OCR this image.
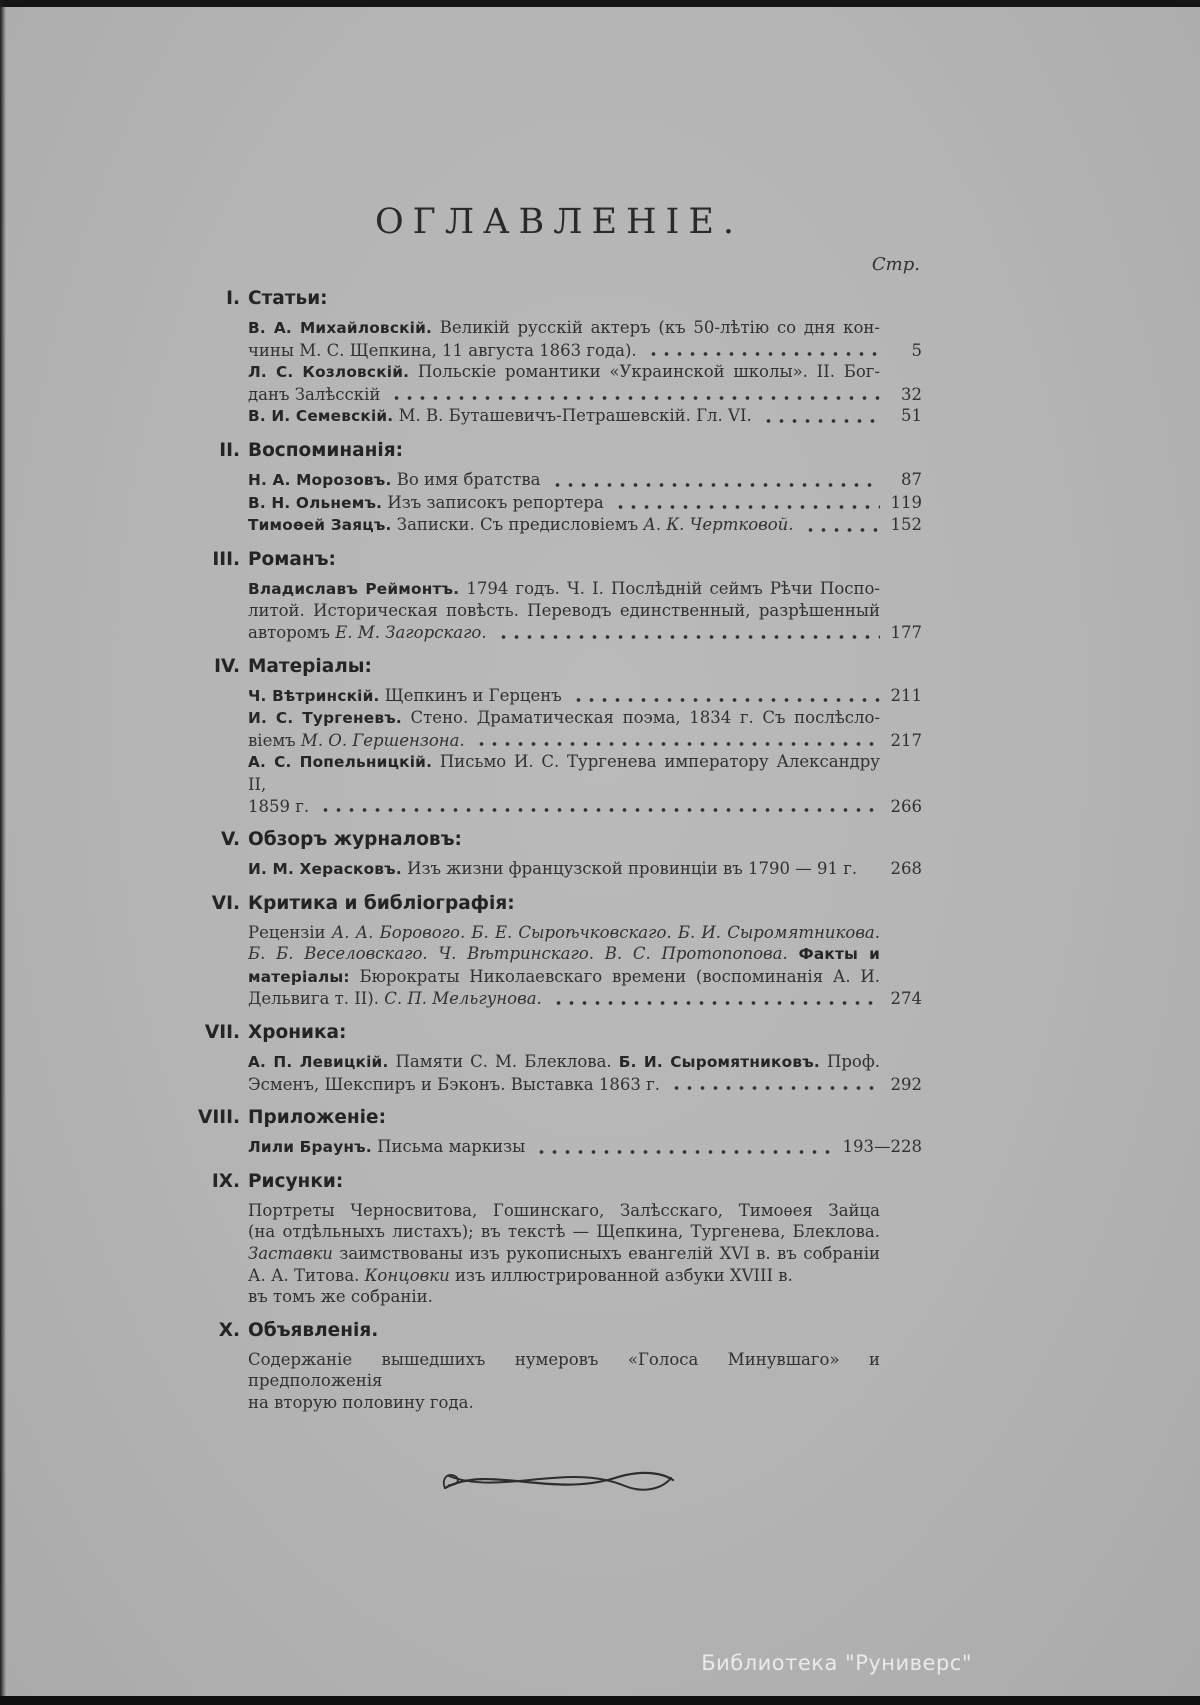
ОГЛАВЛЕНІЕ.
Стр.
I. Статьи:
В. А. Михайловскій. Великій русскій актеръ (къ 50-лѣтію со дня кон-
чины М. С. Щепкина, 11 августа 1863 года).	5
Л. С. Козловскій. Польскіе романтики «Украинской школы». II. Бог-
данъ Залѣсскій	32
В. И. Семевскій. М. В. Буташевичъ-Петрашевскій. Гл. VI.	51
II. Воспоминанія:
Н. А. Морозовъ. Во имя братства	87
В. Н. Ольнемъ. Изъ записокъ репортера	119
Тимоѳей Заяцъ. Записки. Съ предисловіемъ А. К. Чертковой.	152
III. Романъ:
Владиславъ Реймонтъ. 1794 годъ. Ч. I. Послѣдній сеймъ Рѣчи Поспо-
литой. Историческая повѣсть. Переводъ единственный, разрѣшенный
авторомъ Е. М. Загорскаго.	177
IV. Матеріалы:
Ч. Вѣтринскій. Щепкинъ и Герценъ	211
И. С. Тургеневъ. Стено. Драматическая поэма, 1834 г. Съ послѣсло-
віемъ М. О. Гершензона.	217
А. С. Попельницкій. Письмо И. С. Тургенева императору Александру II,
1859 г.	266
V. Обзоръ журналовъ:
И. М. Херасковъ. Изъ жизни французской провинціи въ 1790 — 91 г. 268
VI. Критика и библіографія:
Рецензіи А. А. Борового. Б. Е. Сыроѣчковскаго. Б. И. Сыромятникова.
Б. Б. Веселовскаго. Ч. Вѣтринскаго. В. С. Протопопова. Факты и
матеріалы: Бюрократы Николаевскаго времени (воспоминанія А. И.
Дельвига т. II). С. П. Мельгунова.	274
VII. Хроника:
А. П. Левицкій. Памяти С. М. Блеклова. Б. И. Сыромятниковъ. Проф.
Эсменъ, Шекспиръ и Бэконъ. Выставка 1863 г.	292
VIII. Приложеніе:
Лили Браунъ. Письма маркизы	193—228
IX. Рисунки:
Портреты Черносвитова, Гошинскаго, Залѣсскаго, Тимоѳея Зайца
(на отдѣльныхъ листахъ); въ текстѣ — Щепкина, Тургенева, Блеклова.
Заставки заимствованы изъ рукописныхъ евангелій XVI в. въ собраніи
А. А. Титова. Концовки изъ иллюстрированной азбуки XVIII в.
въ томъ же собраніи.
X. Объявленія.
Содержаніе вышедшихъ нумеровъ «Голоса Минувшаго» и предположенія
на вторую половину года.
Библиотека "Руниверс"
